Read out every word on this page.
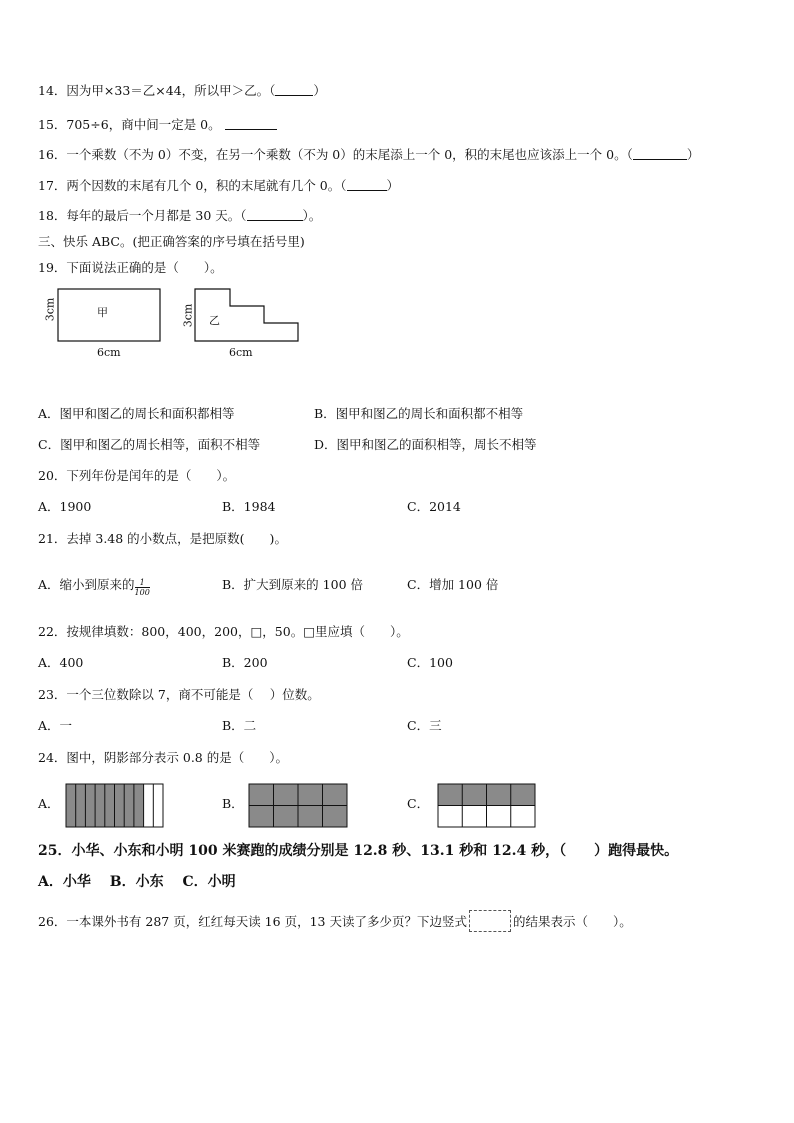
14．因为甲×33＝乙×44，所以甲＞乙。（	）
15．705÷6，商中间一定是 0。
16．一个乘数（不为 0）不变，在另一个乘数（不为 0）的末尾添上一个 0，积的末尾也应该添上一个 0。（	）
17．两个因数的末尾有几个 0，积的末尾就有几个 0。（	）
18．每年的最后一个月都是 30 天。（	）。
三、快乐 ABC。(把正确答案的序号填在括号里)
19．下面说法正确的是（　　）。
甲
3cm
6cm
乙
3cm
6cm
A．图甲和图乙的周长和面积都相等	B．图甲和图乙的周长和面积都不相等
C．图甲和图乙的周长相等，面积不相等	D．图甲和图乙的面积相等，周长不相等
20．下列年份是闰年的是（　　）。
A．1900	B．1984	C．2014
21．去掉 3.48 的小数点，是把原数(　　)。
A．缩小到原来的 $\frac{1}{100}$	B．扩大到原来的 100 倍	C．增加 100 倍
22．按规律填数：800，400，200，□，50。□里应填（　　）。
A．400	B．200	C．100
23．一个三位数除以 7，商不可能是（　 ）位数。
A．一	B．二	C．三
24．图中，阴影部分表示 0.8 的是（　　）。
A．	B．	C．
25．小华、小东和小明 100 米赛跑的成绩分别是 12.8 秒、13.1 秒和 12.4 秒，（　　）跑得最快。
A．小华　 B．小东　 C．小明
26．一本课外书有 287 页，红红每天读 16 页，13 天读了多少页？下边竖式	的结果表示（　　）。
